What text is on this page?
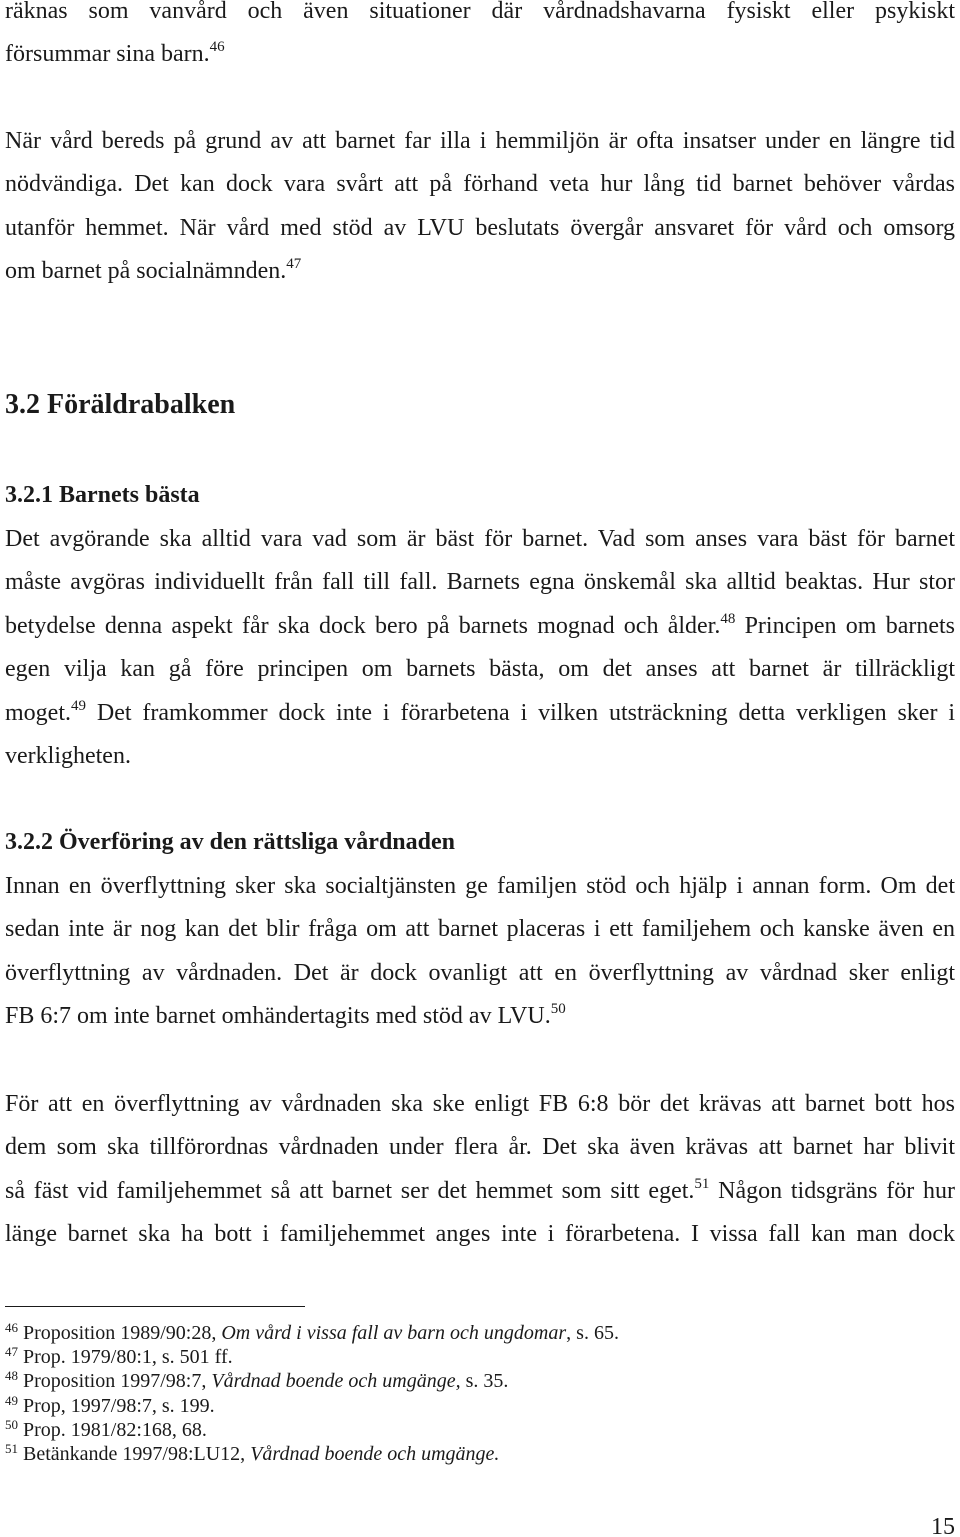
räknas som vanvård och även situationer där vårdnadshavarna fysiskt eller psykiskt
försummar sina barn.$^{46}$
När vård bereds på grund av att barnet far illa i hemmiljön är ofta insatser under en längre tid
nödvändiga. Det kan dock vara svårt att på förhand veta hur lång tid barnet behöver vårdas
utanför hemmet. När vård med stöd av LVU beslutats övergår ansvaret för vård och omsorg
om barnet på socialnämnden.$^{47}$
3.2 Föräldrabalken
3.2.1 Barnets bästa
Det avgörande ska alltid vara vad som är bäst för barnet. Vad som anses vara bäst för barnet
måste avgöras individuellt från fall till fall. Barnets egna önskemål ska alltid beaktas. Hur stor
betydelse denna aspekt får ska dock bero på barnets mognad och ålder.$^{48}$ Principen om barnets
egen vilja kan gå före principen om barnets bästa, om det anses att barnet är tillräckligt
moget.$^{49}$ Det framkommer dock inte i förarbetena i vilken utsträckning detta verkligen sker i
verkligheten.
3.2.2 Överföring av den rättsliga vårdnaden
Innan en överflyttning sker ska socialtjänsten ge familjen stöd och hjälp i annan form. Om det
sedan inte är nog kan det blir fråga om att barnet placeras i ett familjehem och kanske även en
överflyttning av vårdnaden. Det är dock ovanligt att en överflyttning av vårdnad sker enligt
FB 6:7 om inte barnet omhändertagits med stöd av LVU.$^{50}$
För att en överflyttning av vårdnaden ska ske enligt FB 6:8 bör det krävas att barnet bott hos
dem som ska tillförordnas vårdnaden under flera år. Det ska även krävas att barnet har blivit
så fäst vid familjehemmet så att barnet ser det hemmet som sitt eget.$^{51}$ Någon tidsgräns för hur
länge barnet ska ha bott i familjehemmet anges inte i förarbetena. I vissa fall kan man dock
46 Proposition 1989/90:28, Om vård i vissa fall av barn och ungdomar, s. 65.
47 Prop. 1979/80:1, s. 501 ff.
48 Proposition 1997/98:7, Vårdnad boende och umgänge, s. 35.
49 Prop, 1997/98:7, s. 199.
50 Prop. 1981/82:168, 68.
51 Betänkande 1997/98:LU12, Vårdnad boende och umgänge.
15
